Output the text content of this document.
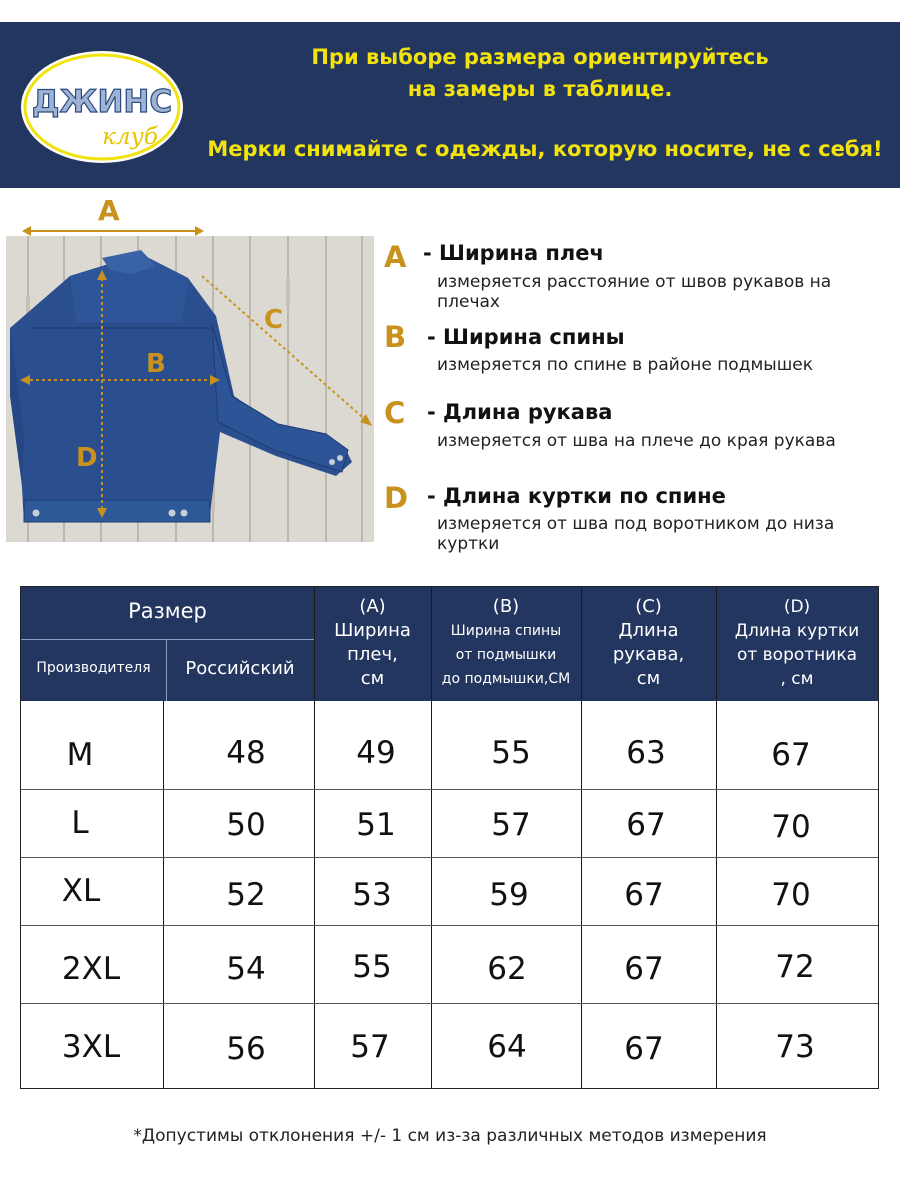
ДЖИНС
клуб
При выборе размера ориентируйтесь
на замеры в таблице.
Мерки снимайте с одежды, которую носите, не с себя!
A
B
C
D
A - Ширина плеч
измеряется расстояние от швов рукавов на плечах
B - Ширина спины
измеряется по спине в районе подмышек
C - Длина рукава
измеряется от шва на плече до края рукава
D - Длина куртки по спине
измеряется от шва под воротником до низа куртки
Размер
Производителя	Российский
(A)
Ширина
плеч,
см
(B)
Ширина спины
от подмышки
до подмышки,СМ
(C)
Длина
рукава,
см
(D)
Длина куртки
от воротника
, см
M	48	49	55	63	67
L	50	51	57	67	70
XL	52	53	59	67	70
2XL	54	55	62	67	72
3XL	56	57	64	67	73
*Допустимы отклонения +/- 1 см из-за различных методов измерения
